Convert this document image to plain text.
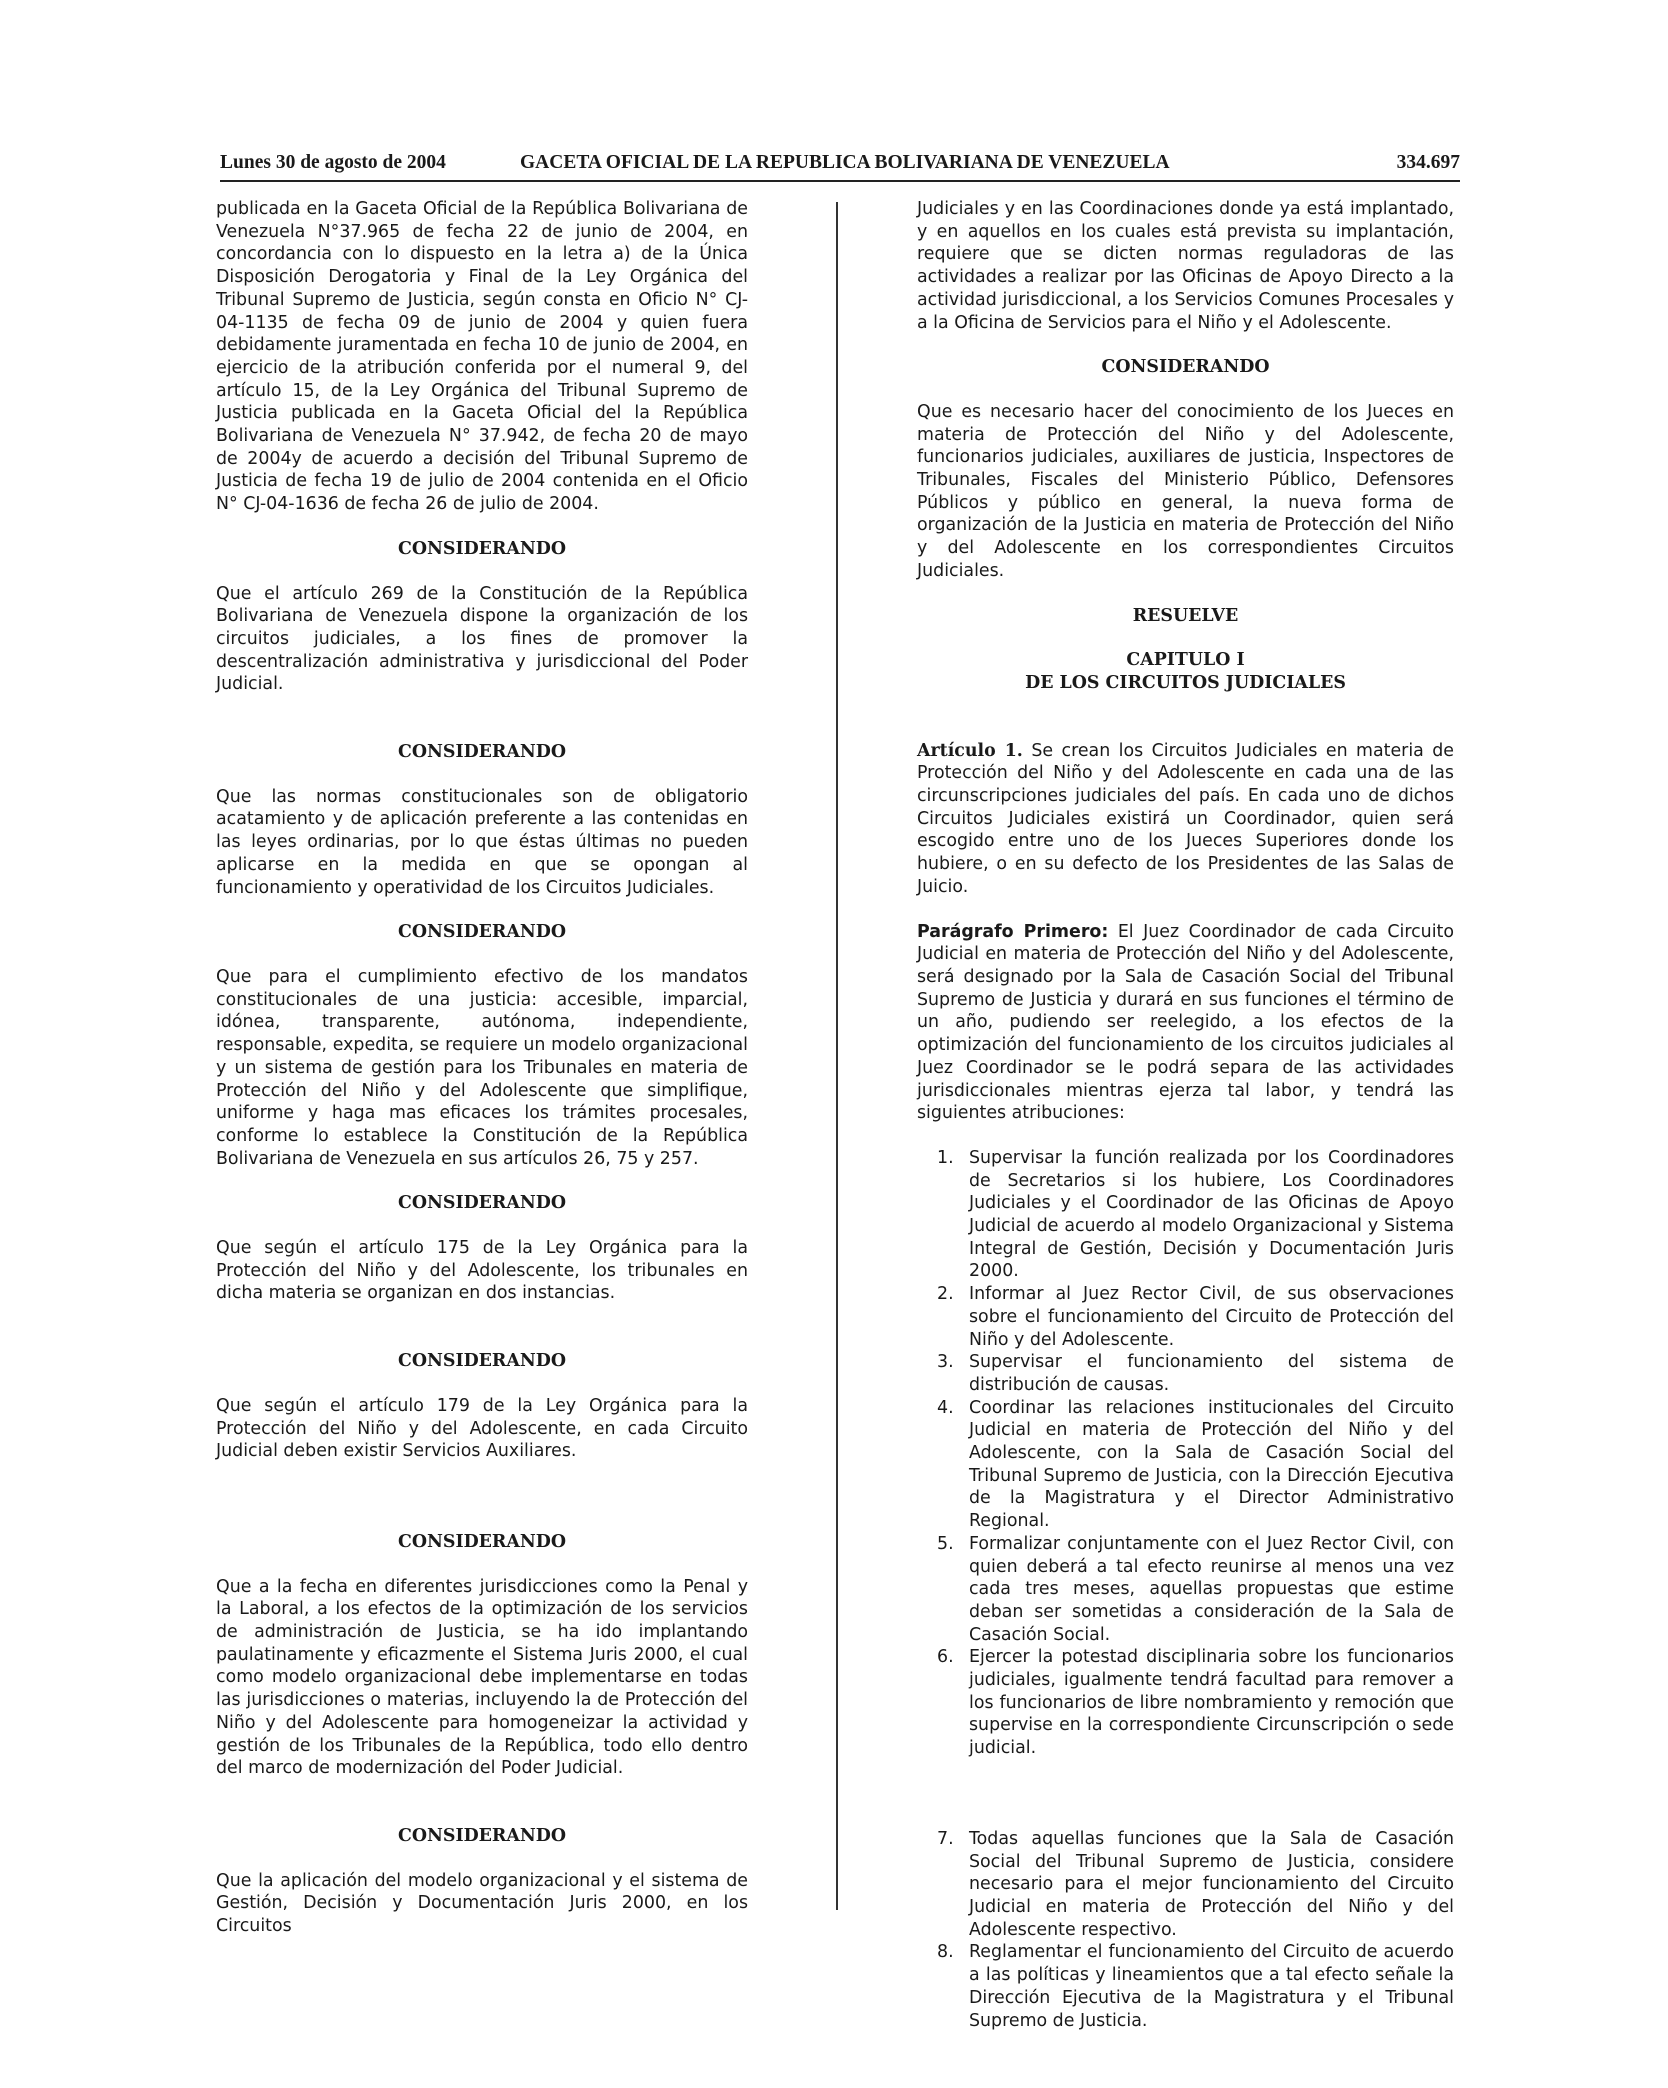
Lunes 30 de agosto de 2004	GACETA OFICIAL DE LA REPUBLICA BOLIVARIANA DE VENEZUELA	334.697

publicada en la Gaceta Oficial de la República Bolivariana de Venezuela N°37.965 de fecha 22 de junio de 2004, en concordancia con lo dispuesto en la letra a) de la Única Disposición Derogatoria y Final de la Ley Orgánica del Tribunal Supremo de Justicia, según consta en Oficio N° CJ-04-1135 de fecha 09 de junio de 2004 y quien fuera debidamente juramentada en fecha 10 de junio de 2004, en ejercicio de la atribución conferida por el numeral 9, del artículo 15, de la Ley Orgánica del Tribunal Supremo de Justicia publicada en la Gaceta Oficial del la República Bolivariana de Venezuela N° 37.942, de fecha 20 de mayo de 2004y de acuerdo a decisión del Tribunal Supremo de Justicia de fecha 19 de julio de 2004 contenida en el Oficio N° CJ-04-1636 de fecha 26 de julio de 2004.

CONSIDERANDO

Que el artículo 269 de la Constitución de la República Bolivariana de Venezuela dispone la organización de los circuitos judiciales, a los fines de promover la descentralización administrativa y jurisdiccional del Poder Judicial.

CONSIDERANDO

Que las normas constitucionales son de obligatorio acatamiento y de aplicación preferente a las contenidas en las leyes ordinarias, por lo que éstas últimas no pueden aplicarse en la medida en que se opongan al funcionamiento y operatividad de los Circuitos Judiciales.

CONSIDERANDO

Que para el cumplimiento efectivo de los mandatos constitucionales de una justicia: accesible, imparcial, idónea, transparente, autónoma, independiente, responsable, expedita, se requiere un modelo organizacional y un sistema de gestión para los Tribunales en materia de Protección del Niño y del Adolescente que simplifique, uniforme y haga mas eficaces los trámites procesales, conforme lo establece la Constitución de la República Bolivariana de Venezuela en sus artículos 26, 75 y 257.

CONSIDERANDO

Que según el artículo 175 de la Ley Orgánica para la Protección del Niño y del Adolescente, los tribunales en dicha materia se organizan en dos instancias.

CONSIDERANDO

Que según el artículo 179 de la Ley Orgánica para la Protección del Niño y del Adolescente, en cada Circuito Judicial deben existir Servicios Auxiliares.

CONSIDERANDO

Que a la fecha en diferentes jurisdicciones como la Penal y la Laboral, a los efectos de la optimización de los servicios de administración de Justicia, se ha ido implantando paulatinamente y eficazmente el Sistema Juris 2000, el cual como modelo organizacional debe implementarse en todas las jurisdicciones o materias, incluyendo la de Protección del Niño y del Adolescente para homogeneizar la actividad y gestión de los Tribunales de la República, todo ello dentro del marco de modernización del Poder Judicial.

CONSIDERANDO

Que la aplicación del modelo organizacional y el sistema de Gestión, Decisión y Documentación Juris 2000, en los Circuitos

Judiciales y en las Coordinaciones donde ya está implantado, y en aquellos en los cuales está prevista su implantación, requiere que se dicten normas reguladoras de las actividades a realizar por las Oficinas de Apoyo Directo a la actividad jurisdiccional, a los Servicios Comunes Procesales y a la Oficina de Servicios para el Niño y el Adolescente.

CONSIDERANDO

Que es necesario hacer del conocimiento de los Jueces en materia de Protección del Niño y del Adolescente, funcionarios judiciales, auxiliares de justicia, Inspectores de Tribunales, Fiscales del Ministerio Público, Defensores Públicos y público en general, la nueva forma de organización de la Justicia en materia de Protección del Niño y del Adolescente en los correspondientes Circuitos Judiciales.

RESUELVE
CAPITULO I
DE LOS CIRCUITOS JUDICIALES

Artículo 1. Se crean los Circuitos Judiciales en materia de Protección del Niño y del Adolescente en cada una de las circunscripciones judiciales del país. En cada uno de dichos Circuitos Judiciales existirá un Coordinador, quien será escogido entre uno de los Jueces Superiores donde los hubiere, o en su defecto de los Presidentes de las Salas de Juicio.

Parágrafo Primero: El Juez Coordinador de cada Circuito Judicial en materia de Protección del Niño y del Adolescente, será designado por la Sala de Casación Social del Tribunal Supremo de Justicia y durará en sus funciones el término de un año, pudiendo ser reelegido, a los efectos de la optimización del funcionamiento de los circuitos judiciales al Juez Coordinador se le podrá separa de las actividades jurisdiccionales mientras ejerza tal labor, y tendrá las siguientes atribuciones:

1. Supervisar la función realizada por los Coordinadores de Secretarios si los hubiere, Los Coordinadores Judiciales y el Coordinador de las Oficinas de Apoyo Judicial de acuerdo al modelo Organizacional y Sistema Integral de Gestión, Decisión y Documentación Juris 2000.
2. Informar al Juez Rector Civil, de sus observaciones sobre el funcionamiento del Circuito de Protección del Niño y del Adolescente.
3. Supervisar el funcionamiento del sistema de distribución de causas.
4. Coordinar las relaciones institucionales del Circuito Judicial en materia de Protección del Niño y del Adolescente, con la Sala de Casación Social del Tribunal Supremo de Justicia, con la Dirección Ejecutiva de la Magistratura y el Director Administrativo Regional.
5. Formalizar conjuntamente con el Juez Rector Civil, con quien deberá a tal efecto reunirse al menos una vez cada tres meses, aquellas propuestas que estime deban ser sometidas a consideración de la Sala de Casación Social.
6. Ejercer la potestad disciplinaria sobre los funcionarios judiciales, igualmente tendrá facultad para remover a los funcionarios de libre nombramiento y remoción que supervise en la correspondiente Circunscripción o sede judicial.
7. Todas aquellas funciones que la Sala de Casación Social del Tribunal Supremo de Justicia, considere necesario para el mejor funcionamiento del Circuito Judicial en materia de Protección del Niño y del Adolescente respectivo.
8. Reglamentar el funcionamiento del Circuito de acuerdo a las políticas y lineamientos que a tal efecto señale la Dirección Ejecutiva de la Magistratura y el Tribunal Supremo de Justicia.
